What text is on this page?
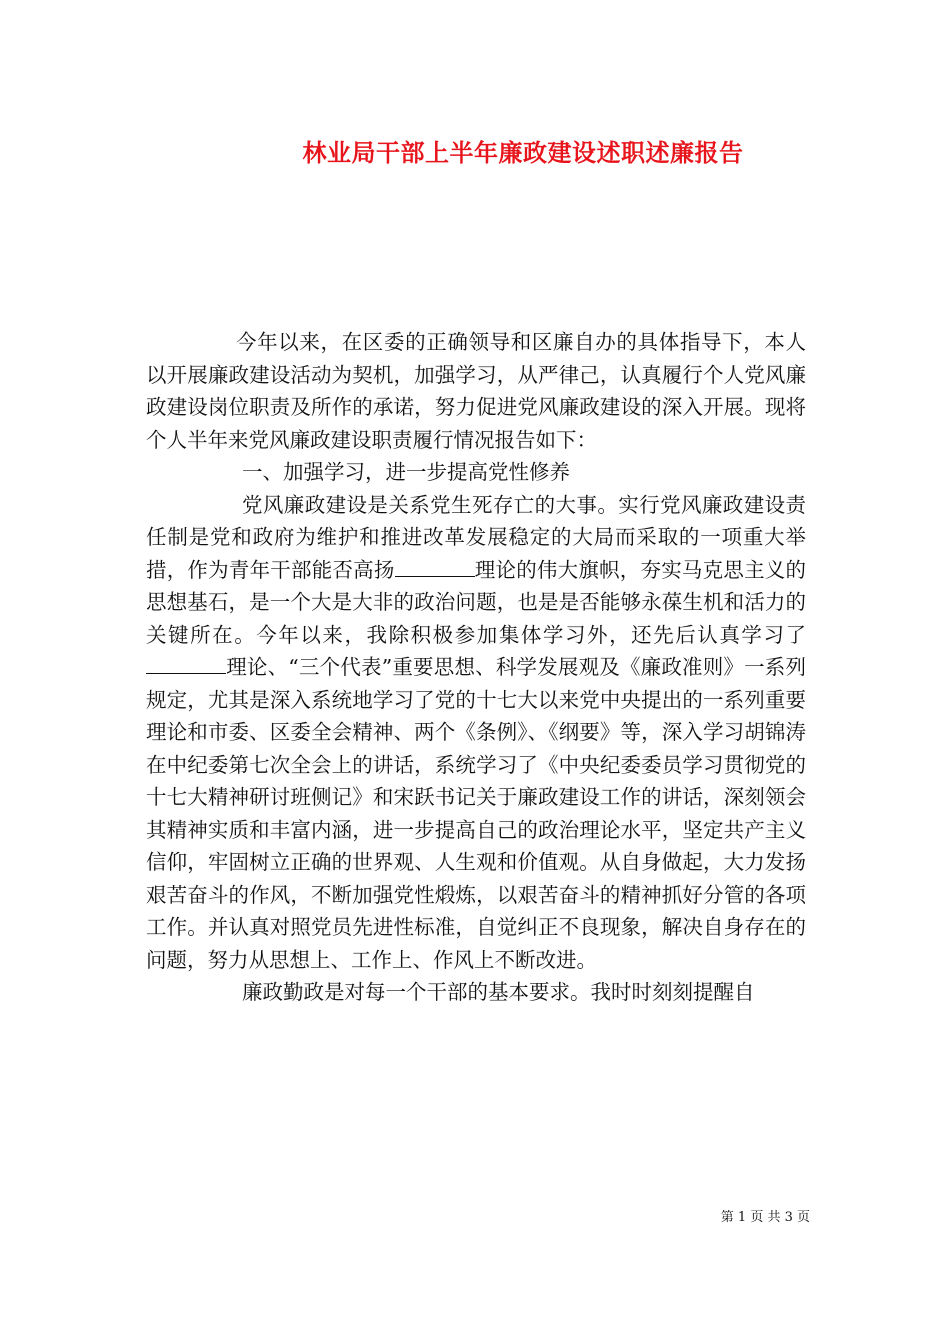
林业局干部上半年廉政建设述职述廉报告

今年以来，在区委的正确领导和区廉自办的具体指导下，本人以开展廉政建设活动为契机，加强学习，从严律己，认真履行个人党风廉政建设岗位职责及所作的承诺，努力促进党风廉政建设的深入开展。现将个人半年来党风廉政建设职责履行情况报告如下：

一、加强学习，进一步提高党性修养

党风廉政建设是关系党生死存亡的大事。实行党风廉政建设责任制是党和政府为维护和推进改革发展稳定的大局而采取的一项重大举措，作为青年干部能否高扬	理论的伟大旗帜，夯实马克思主义的思想基石，是一个大是大非的政治问题，也是是否能够永葆生机和活力的关键所在。今年以来，我除积极参加集体学习外，还先后认真学习了理论、“三个代表”重要思想、科学发展观及《廉政准则》一系列规定，尤其是深入系统地学习了党的十七大以来党中央提出的一系列重要理论和市委、区委全会精神、两个《条例》、《纲要》等，深入学习胡锦涛在中纪委第七次全会上的讲话，系统学习了《中央纪委委员学习贯彻党的十七大精神研讨班侧记》和宋跃书记关于廉政建设工作的讲话，深刻领会其精神实质和丰富内涵，进一步提高自己的政治理论水平，坚定共产主义信仰，牢固树立正确的世界观、人生观和价值观。从自身做起，大力发扬艰苦奋斗的作风，不断加强党性煅炼，以艰苦奋斗的精神抓好分管的各项工作。并认真对照党员先进性标准，自觉纠正不良现象，解决自身存在的问题，努力从思想上、工作上、作风上不断改进。

廉政勤政是对每一个干部的基本要求。我时时刻刻提醒自

第 1 页 共 3 页
